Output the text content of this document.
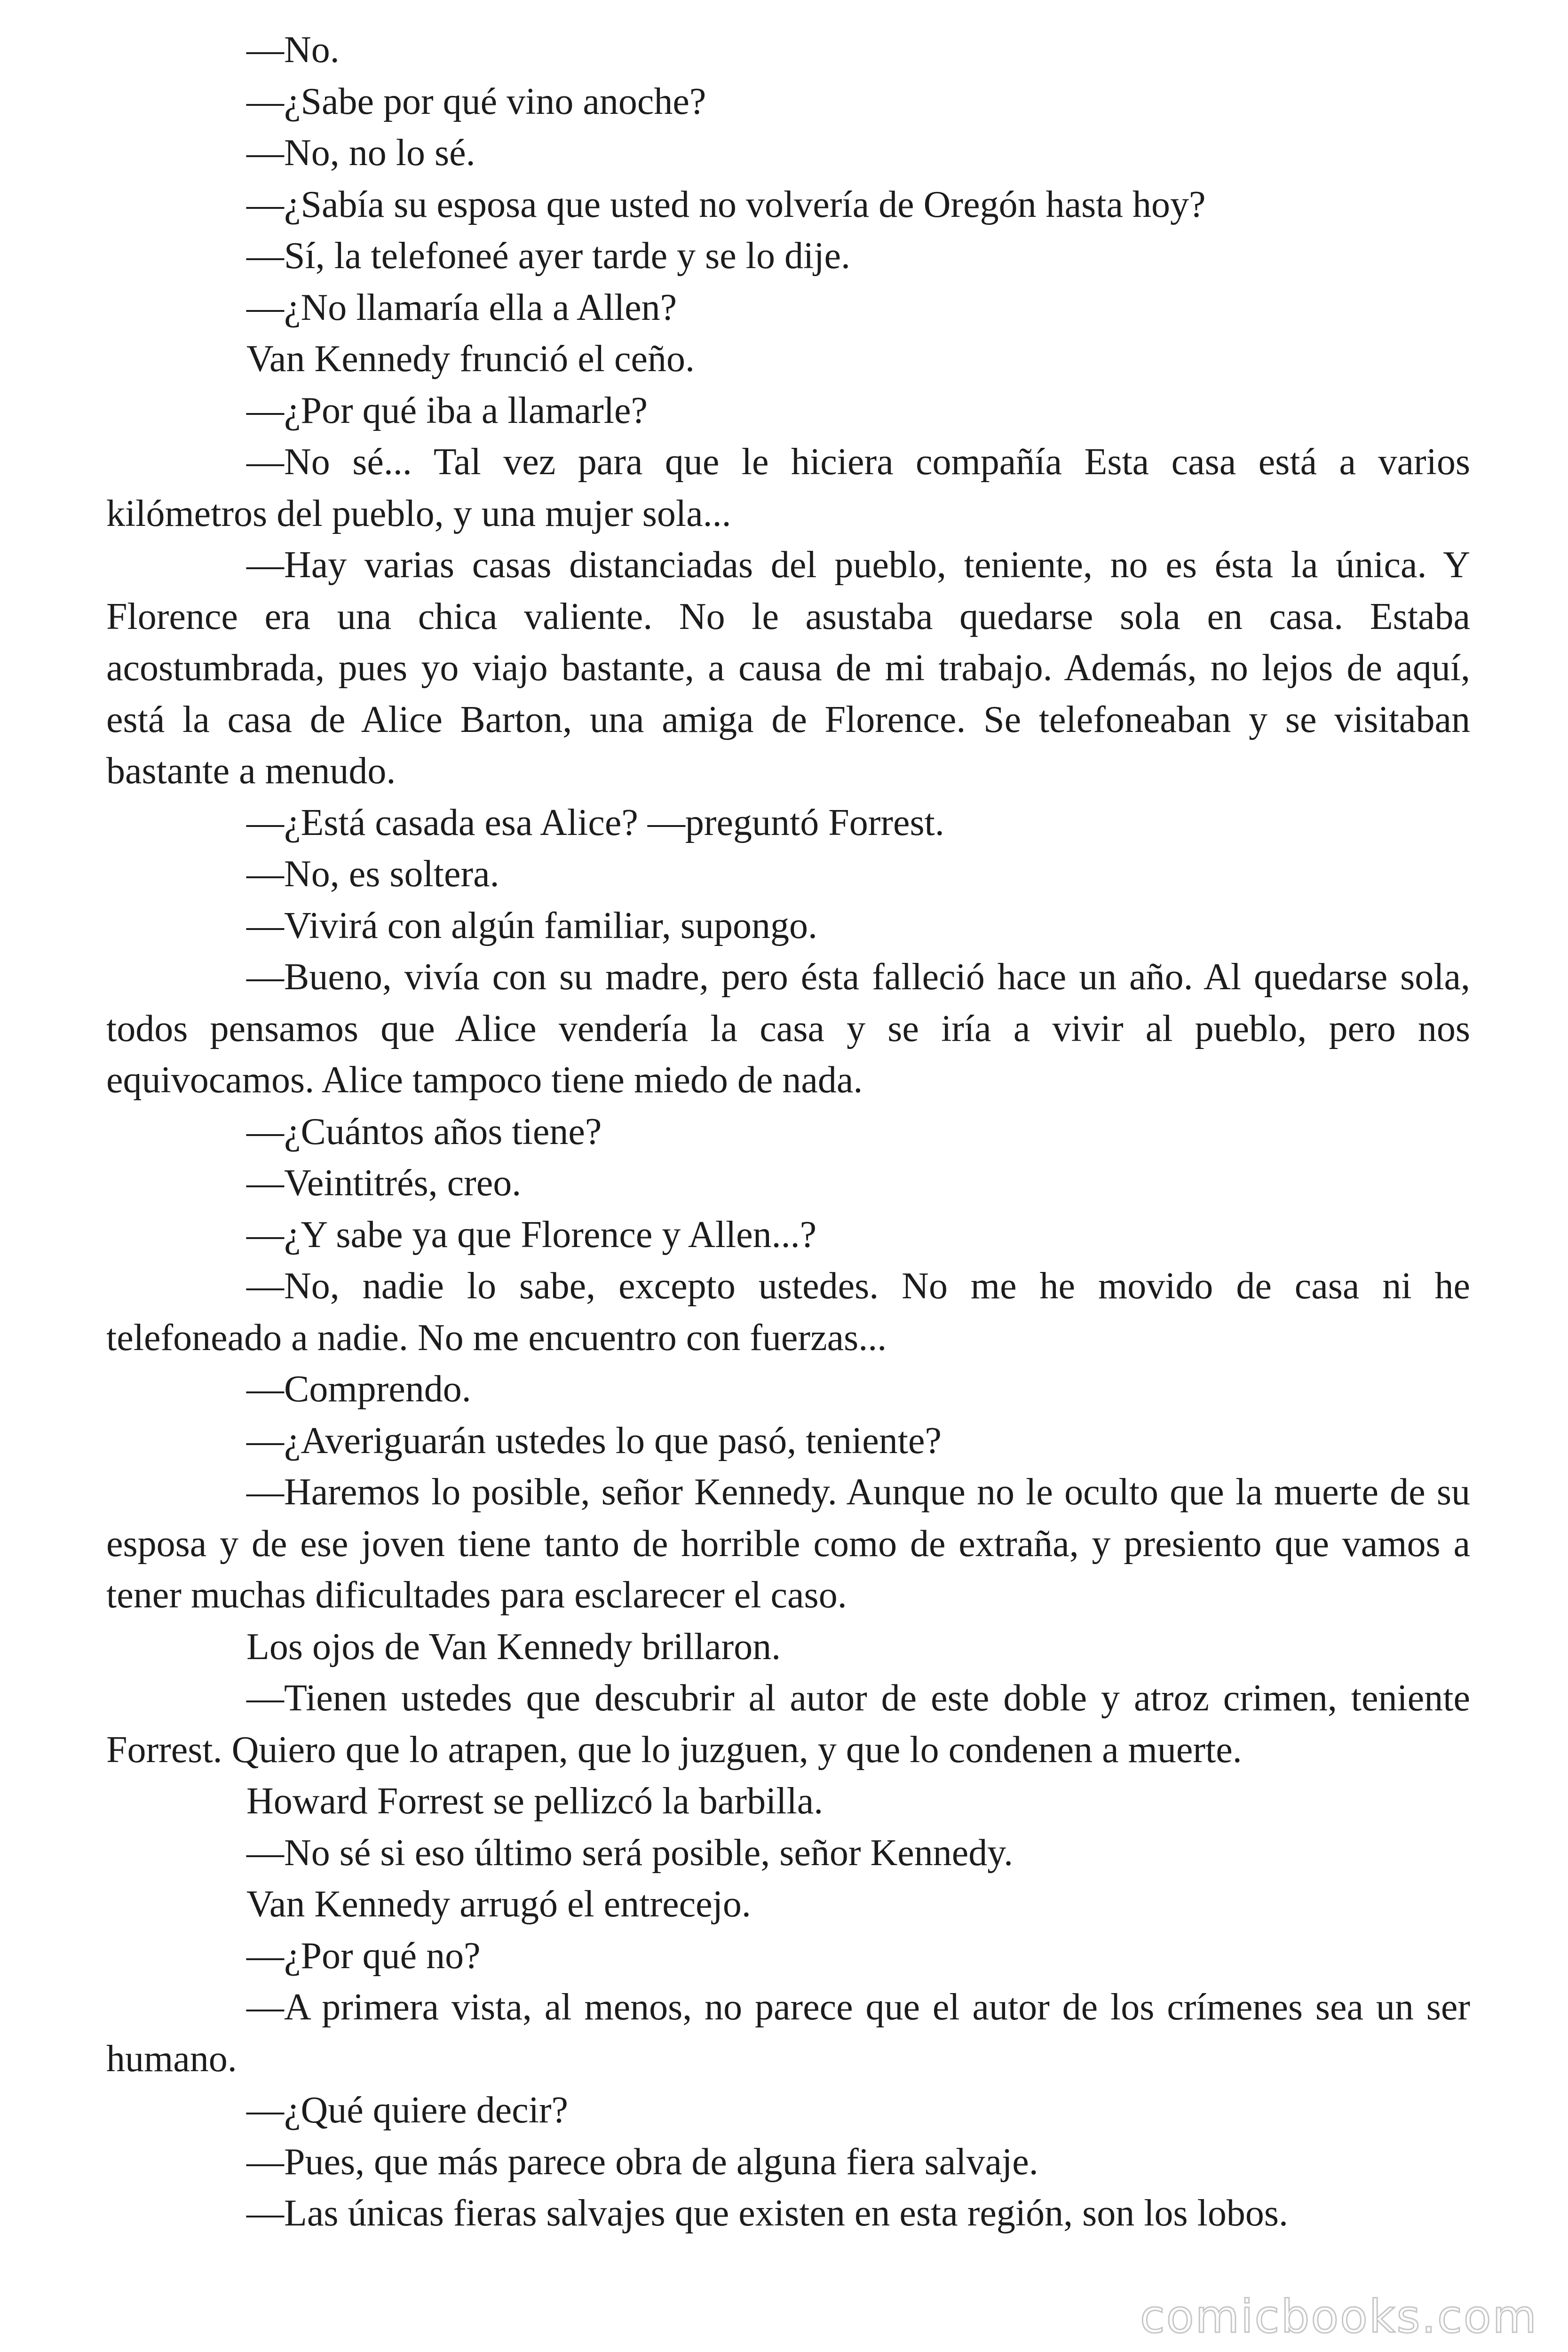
—No.

—¿Sabe por qué vino anoche?

—No, no lo sé.

—¿Sabía su esposa que usted no volvería de Oregón hasta hoy?

—Sí, la telefoneé ayer tarde y se lo dije.

—¿No llamaría ella a Allen?

Van Kennedy frunció el ceño.

—¿Por qué iba a llamarle?

—No sé... Tal vez para que le hiciera compañía Esta casa está a varios kilómetros del pueblo, y una mujer sola...

—Hay varias casas distanciadas del pueblo, teniente, no es ésta la única. Y Florence era una chica valiente. No le asustaba quedarse sola en casa. Estaba acostumbrada, pues yo viajo bastante, a causa de mi trabajo. Además, no lejos de aquí, está la casa de Alice Barton, una amiga de Florence. Se telefoneaban y se visitaban bastante a menudo.

—¿Está casada esa Alice? —preguntó Forrest.

—No, es soltera.

—Vivirá con algún familiar, supongo.

—Bueno, vivía con su madre, pero ésta falleció hace un año. Al quedarse sola, todos pensamos que Alice vendería la casa y se iría a vivir al pueblo, pero nos equivocamos. Alice tampoco tiene miedo de nada.

—¿Cuántos años tiene?

—Veintitrés, creo.

—¿Y sabe ya que Florence y Allen...?

—No, nadie lo sabe, excepto ustedes. No me he movido de casa ni he telefoneado a nadie. No me encuentro con fuerzas...

—Comprendo.

—¿Averiguarán ustedes lo que pasó, teniente?

—Haremos lo posible, señor Kennedy. Aunque no le oculto que la muerte de su esposa y de ese joven tiene tanto de horrible como de extraña, y presiento que vamos a tener muchas dificultades para esclarecer el caso.

Los ojos de Van Kennedy brillaron.

—Tienen ustedes que descubrir al autor de este doble y atroz crimen, teniente Forrest. Quiero que lo atrapen, que lo juzguen, y que lo condenen a muerte.

Howard Forrest se pellizcó la barbilla.

—No sé si eso último será posible, señor Kennedy.

Van Kennedy arrugó el entrecejo.

—¿Por qué no?

—A primera vista, al menos, no parece que el autor de los crímenes sea un ser humano.

—¿Qué quiere decir?

—Pues, que más parece obra de alguna fiera salvaje.

—Las únicas fieras salvajes que existen en esta región, son los lobos.

comicbooks.com
